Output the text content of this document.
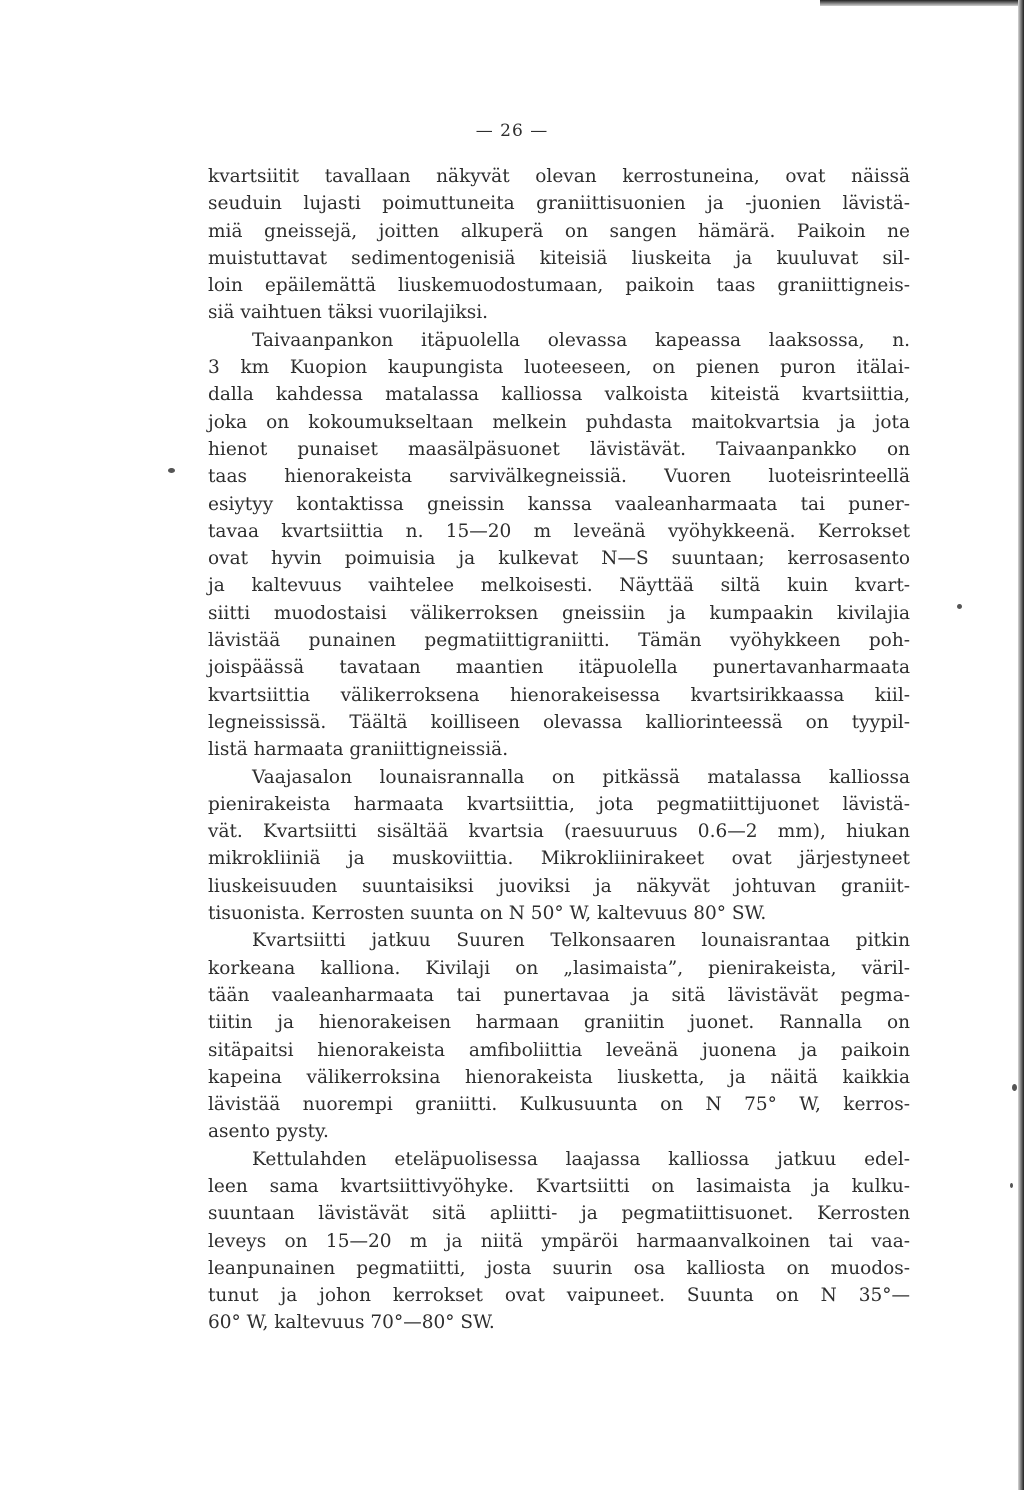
— 26 —
kvartsiitit tavallaan näkyvät olevan kerrostuneina, ovat näissä
seuduin lujasti poimuttuneita graniittisuonien ja -juonien lävistä-
miä gneissejä, joitten alkuperä on sangen hämärä. Paikoin ne
muistuttavat sedimentogenisiä kiteisiä liuskeita ja kuuluvat sil-
loin epäilemättä liuskemuodostumaan, paikoin taas graniittigneis-
siä vaihtuen täksi vuorilajiksi.
Taivaanpankon itäpuolella olevassa kapeassa laaksossa, n.
3 km Kuopion kaupungista luoteeseen, on pienen puron itälai-
dalla kahdessa matalassa kalliossa valkoista kiteistä kvartsiittia,
joka on kokoumukseltaan melkein puhdasta maitokvartsia ja jota
hienot punaiset maasälpäsuonet lävistävät. Taivaanpankko on
taas hienorakeista sarvivälkegneissiä. Vuoren luoteisrinteellä
esiytyy kontaktissa gneissin kanssa vaaleanharmaata tai puner-
tavaa kvartsiittia n. 15—20 m leveänä vyöhykkeenä. Kerrokset
ovat hyvin poimuisia ja kulkevat N—S suuntaan; kerrosasento
ja kaltevuus vaihtelee melkoisesti. Näyttää siltä kuin kvart-
siitti muodostaisi välikerroksen gneissiin ja kumpaakin kivilajia
lävistää punainen pegmatiittigraniitti. Tämän vyöhykkeen poh-
joispäässä tavataan maantien itäpuolella punertavanharmaata
kvartsiittia välikerroksena hienorakeisessa kvartsirikkaassa kiil-
legneississä. Täältä koilliseen olevassa kalliorinteessä on tyypil-
listä harmaata graniittigneissiä.
Vaajasalon lounaisrannalla on pitkässä matalassa kalliossa
pienirakeista harmaata kvartsiittia, jota pegmatiittijuonet lävistä-
vät. Kvartsiitti sisältää kvartsia (raesuuruus 0.6—2 mm), hiukan
mikrokliiniä ja muskoviittia. Mikrokliinirakeet ovat järjestyneet
liuskeisuuden suuntaisiksi juoviksi ja näkyvät johtuvan graniit-
tisuonista. Kerrosten suunta on N 50° W, kaltevuus 80° SW.
Kvartsiitti jatkuu Suuren Telkonsaaren lounaisrantaa pitkin
korkeana kalliona. Kivilaji on „lasimaista”, pienirakeista, väril-
tään vaaleanharmaata tai punertavaa ja sitä lävistävät pegma-
tiitin ja hienorakeisen harmaan graniitin juonet. Rannalla on
sitäpaitsi hienorakeista amfiboliittia leveänä juonena ja paikoin
kapeina välikerroksina hienorakeista liusketta, ja näitä kaikkia
lävistää nuorempi graniitti. Kulkusuunta on N 75° W, kerros-
asento pysty.
Kettulahden eteläpuolisessa laajassa kalliossa jatkuu edel-
leen sama kvartsiittivyöhyke. Kvartsiitti on lasimaista ja kulku-
suuntaan lävistävät sitä apliitti- ja pegmatiittisuonet. Kerrosten
leveys on 15—20 m ja niitä ympäröi harmaanvalkoinen tai vaa-
leanpunainen pegmatiitti, josta suurin osa kalliosta on muodos-
tunut ja johon kerrokset ovat vaipuneet. Suunta on N 35°—
60° W, kaltevuus 70°—80° SW.
